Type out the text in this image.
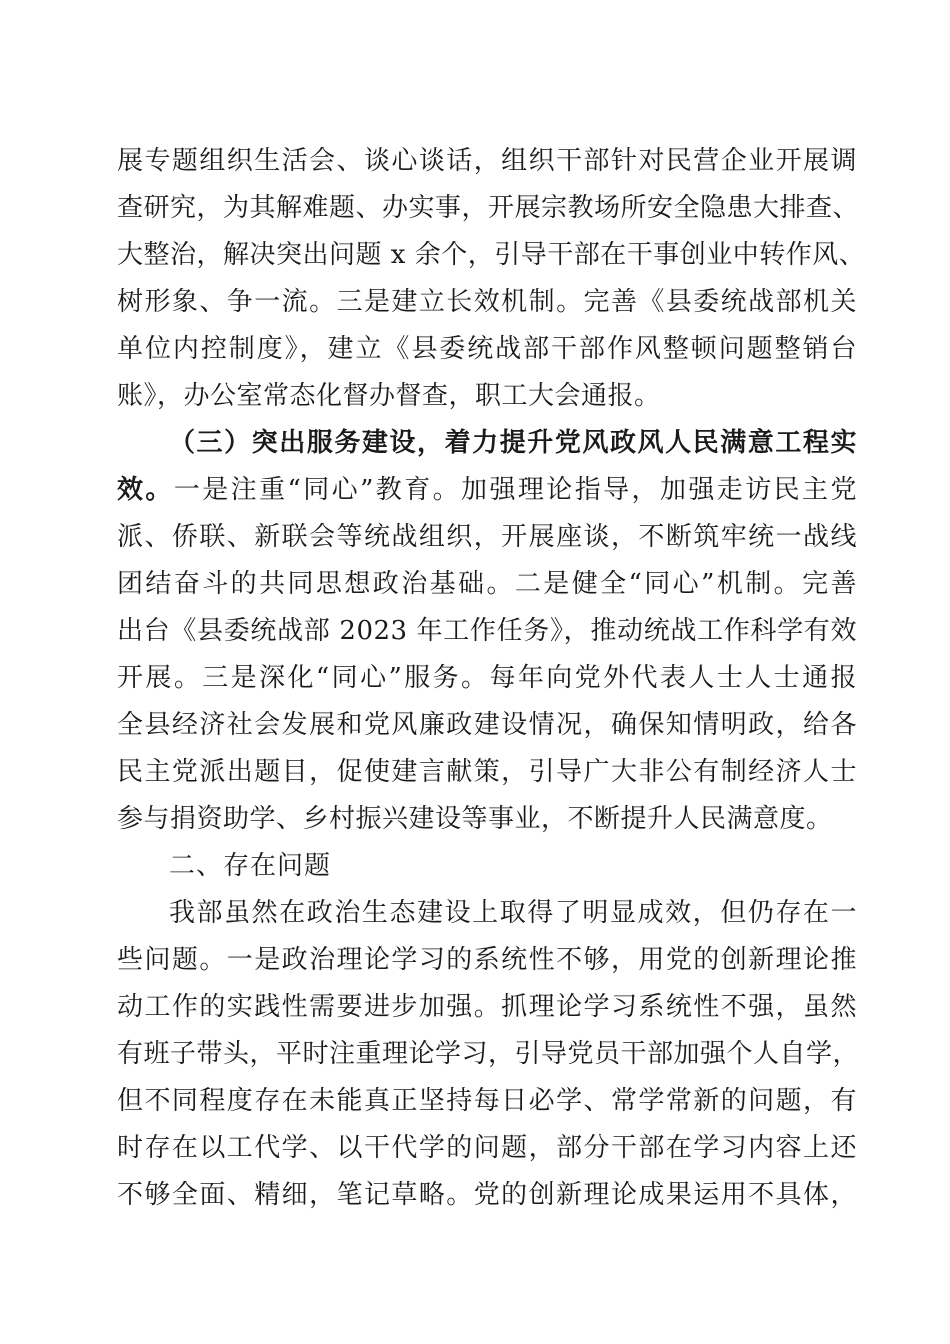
展专题组织生活会、谈心谈话，组织干部针对民营企业开展调
查研究，为其解难题、办实事，开展宗教场所安全隐患大排查、
大整治，解决突出问题 x 余个，引导干部在干事创业中转作风、
树形象、争一流。三是建立长效机制。完善《县委统战部机关
单位内控制度》，建立《县委统战部干部作风整顿问题整销台
账》，办公室常态化督办督查，职工大会通报。
（三）突出服务建设，着力提升党风政风人民满意工程实
效。一是注重“同心”教育。加强理论指导，加强走访民主党
派、侨联、新联会等统战组织，开展座谈，不断筑牢统一战线
团结奋斗的共同思想政治基础。二是健全“同心”机制。完善
出台《县委统战部 2023 年工作任务》，推动统战工作科学有效
开展。三是深化“同心”服务。每年向党外代表人士人士通报
全县经济社会发展和党风廉政建设情况，确保知情明政，给各
民主党派出题目，促使建言献策，引导广大非公有制经济人士
参与捐资助学、乡村振兴建设等事业，不断提升人民满意度。
二、存在问题
我部虽然在政治生态建设上取得了明显成效，但仍存在一
些问题。一是政治理论学习的系统性不够，用党的创新理论推
动工作的实践性需要进步加强。抓理论学习系统性不强，虽然
有班子带头，平时注重理论学习，引导党员干部加强个人自学，
但不同程度存在未能真正坚持每日必学、常学常新的问题，有
时存在以工代学、以干代学的问题，部分干部在学习内容上还
不够全面、精细，笔记草略。党的创新理论成果运用不具体，
